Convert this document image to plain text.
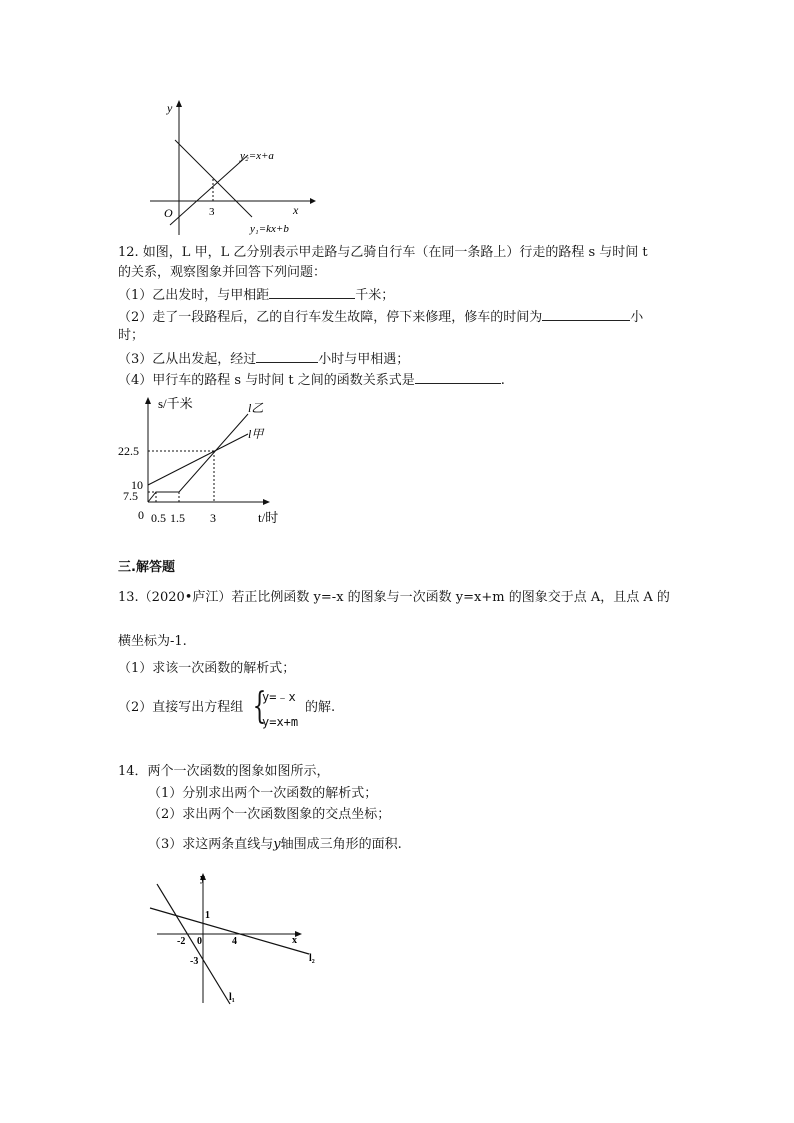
y
x
O	3
y₂=x+a
y₁=kx+b
12. 如图，L 甲，L 乙分别表示甲走路与乙骑自行车（在同一条路上）行走的路程 s 与时间 t
的关系，观察图象并回答下列问题：
（1）乙出发时，与甲相距	千米；
（2）走了一段路程后，乙的自行车发生故障，停下来修理，修车的时间为	小
时；
（3）乙从出发起，经过	小时与甲相遇；
（4）甲行车的路程 s 与时间 t 之间的函数关系式是	.
s/千米
t/时
l乙
l甲
22.5
10
7.5
0 0.5 1.5 3
三.解答题
13.（2020•庐江）若正比例函数 y=-x 的图象与一次函数 y=x+m 的图象交于点 A，且点 A 的
横坐标为-1.
（1）求该一次函数的解析式；
（2）直接写出方程组 {
y=﹣x
y=x+m
的解.
14．两个一次函数的图象如图所示，
（1）分别求出两个一次函数的解析式；
（2）求出两个一次函数图象的交点坐标；
（3）求这两条直线与y轴围成三角形的面积.
y
x
0
1
-2	4
-3
l₁
l₂
